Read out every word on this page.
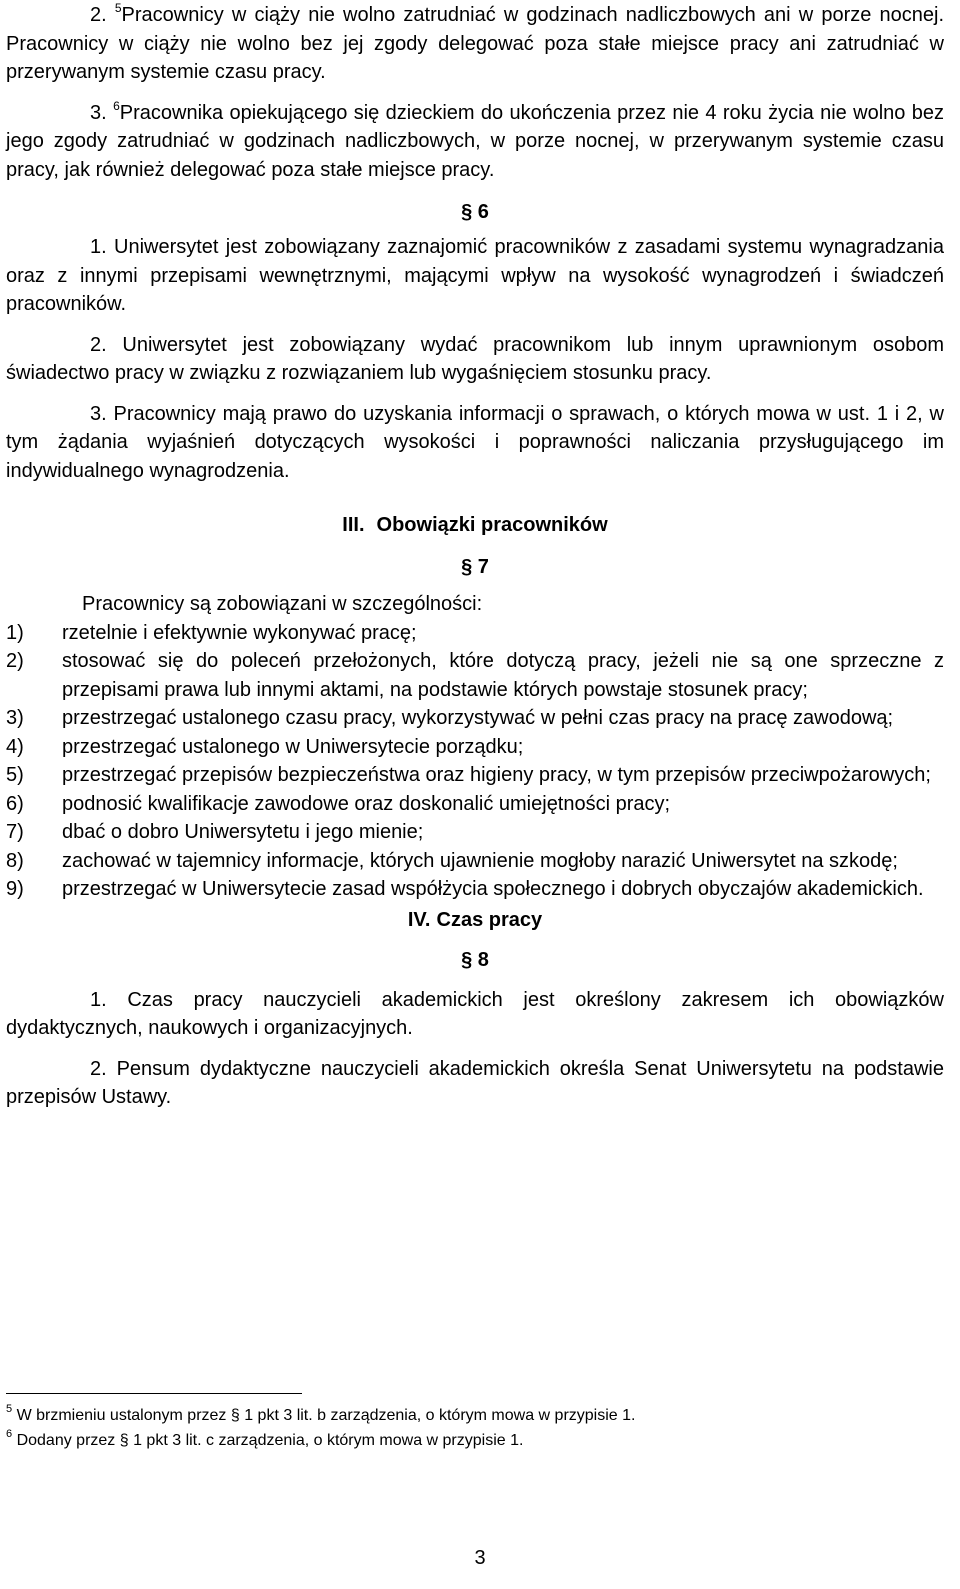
2. $^5$Pracownicy w ciąży nie wolno zatrudniać w godzinach nadliczbowych ani w porze nocnej. Pracownicy w ciąży nie wolno bez jej zgody delegować poza stałe miejsce pracy ani zatrudniać w przerywanym systemie czasu pracy.

3. $^6$Pracownika opiekującego się dzieckiem do ukończenia przez nie 4 roku życia nie wolno bez jego zgody zatrudniać w godzinach nadliczbowych, w porze nocnej, w przerywanym systemie czasu pracy, jak również delegować poza stałe miejsce pracy.

§ 6

1. Uniwersytet jest zobowiązany zaznajomić pracowników z zasadami systemu wynagradzania oraz z innymi przepisami wewnętrznymi, mającymi wpływ na wysokość wynagrodzeń i świadczeń pracowników.

2. Uniwersytet jest zobowiązany wydać pracownikom lub innym uprawnionym osobom świadectwo pracy w związku z rozwiązaniem lub wygaśnięciem stosunku pracy.

3. Pracownicy mają prawo do uzyskania informacji o sprawach, o których mowa w ust. 1 i 2, w tym żądania wyjaśnień dotyczących wysokości i poprawności naliczania przysługującego im indywidualnego wynagrodzenia.

III. Obowiązki pracowników

§ 7

Pracownicy są zobowiązani w szczególności:

1) rzetelnie i efektywnie wykonywać pracę;
2) stosować się do poleceń przełożonych, które dotyczą pracy, jeżeli nie są one sprzeczne z przepisami prawa lub innymi aktami, na podstawie których powstaje stosunek pracy;
3) przestrzegać ustalonego czasu pracy, wykorzystywać w pełni czas pracy na pracę zawodową;
4) przestrzegać ustalonego w Uniwersytecie porządku;
5) przestrzegać przepisów bezpieczeństwa oraz higieny pracy, w tym przepisów przeciwpożarowych;
6) podnosić kwalifikacje zawodowe oraz doskonalić umiejętności pracy;
7) dbać o dobro Uniwersytetu i jego mienie;
8) zachować w tajemnicy informacje, których ujawnienie mogłoby narazić Uniwersytet na szkodę;
9) przestrzegać w Uniwersytecie zasad współżycia społecznego i dobrych obyczajów akademickich.

IV. Czas pracy

§ 8

1. Czas pracy nauczycieli akademickich jest określony zakresem ich obowiązków dydaktycznych, naukowych i organizacyjnych.

2. Pensum dydaktyczne nauczycieli akademickich określa Senat Uniwersytetu na podstawie przepisów Ustawy.

$^5$ W brzmieniu ustalonym przez § 1 pkt 3 lit. b zarządzenia, o którym mowa w przypisie 1.

$^6$ Dodany przez § 1 pkt 3 lit. c zarządzenia, o którym mowa w przypisie 1.

3
